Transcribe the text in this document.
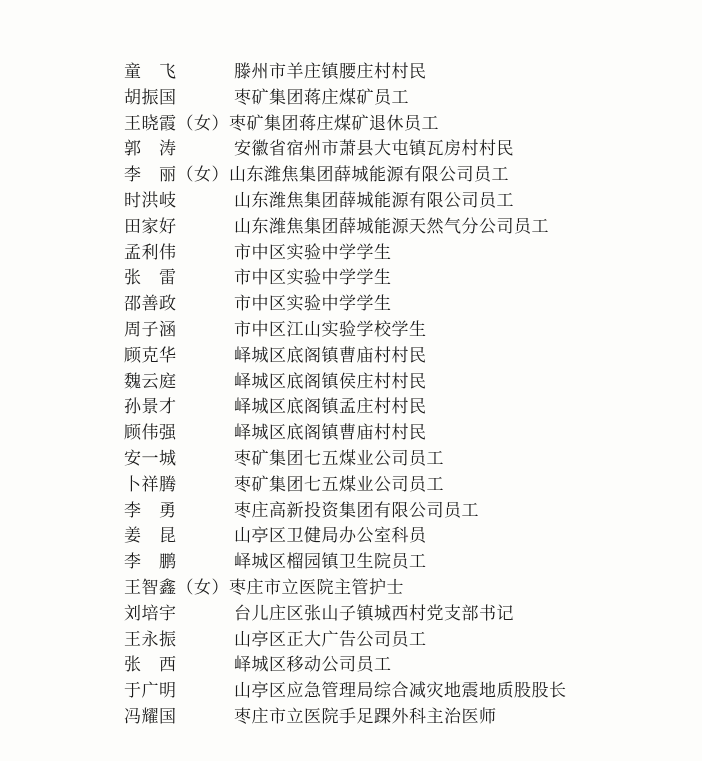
童　飞	滕州市羊庄镇腰庄村村民
胡振国	枣矿集团蒋庄煤矿员工
王晓霞（女）枣矿集团蒋庄煤矿退休员工
郭　涛	安徽省宿州市萧县大屯镇瓦房村村民
李　丽（女）山东潍焦集团薛城能源有限公司员工
时洪岐	山东潍焦集团薛城能源有限公司员工
田家好	山东潍焦集团薛城能源天然气分公司员工
孟利伟	市中区实验中学学生
张　雷	市中区实验中学学生
邵善政	市中区实验中学学生
周子涵	市中区江山实验学校学生
顾克华	峄城区底阁镇曹庙村村民
魏云庭	峄城区底阁镇侯庄村村民
孙景才	峄城区底阁镇孟庄村村民
顾伟强	峄城区底阁镇曹庙村村民
安一城	枣矿集团七五煤业公司员工
卜祥腾	枣矿集团七五煤业公司员工
李　勇	枣庄高新投资集团有限公司员工
姜　昆	山亭区卫健局办公室科员
李　鹏	峄城区榴园镇卫生院员工
王智鑫（女）枣庄市立医院主管护士
刘培宇	台儿庄区张山子镇城西村党支部书记
王永振	山亭区正大广告公司员工
张　西	峄城区移动公司员工
于广明	山亭区应急管理局综合减灾地震地质股股长
冯耀国	枣庄市立医院手足踝外科主治医师
